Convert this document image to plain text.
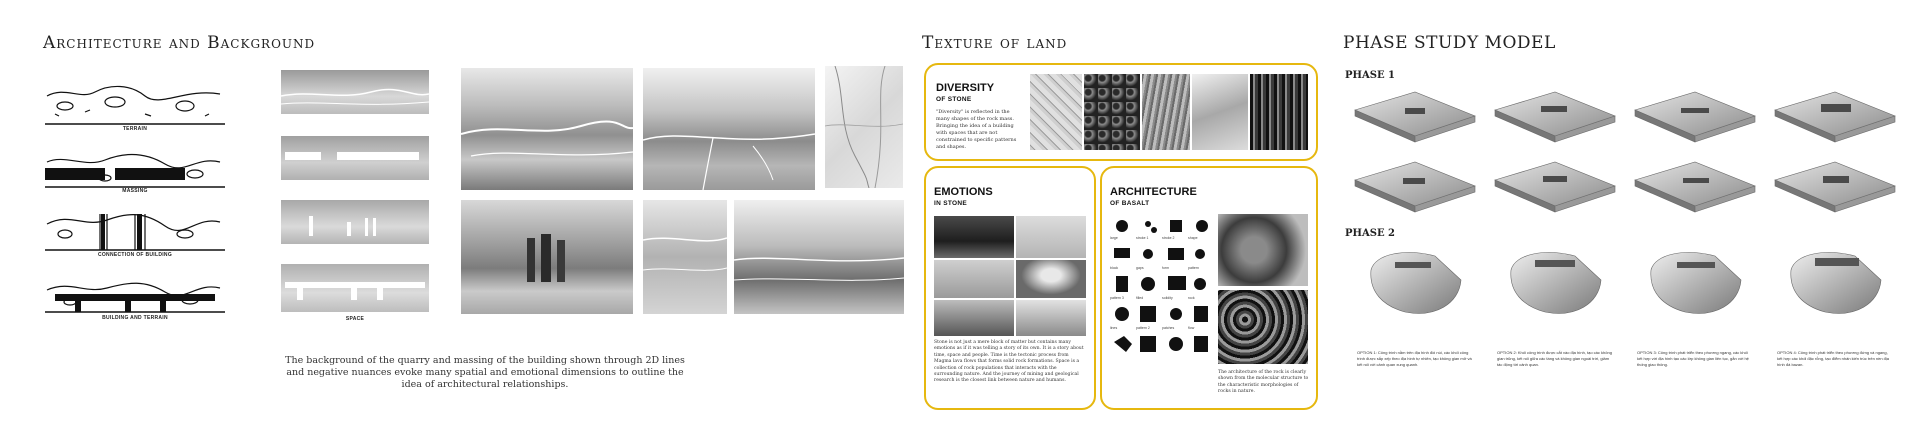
Architecture and Background
TERRAIN
MASSING
CONNECTION OF BUILDING
BUILDING AND TERRAIN	SPACE
The background of the quarry and massing of the building shown through 2D lines and negative nuances evoke many spatial and emotional dimensions to outline the idea of architectural relationships.
Texture of land
DIVERSITY
OF STONE
"Diversity" is reflected in the many shapes of the rock mass. Bringing the idea of a building with spaces that are not constrained to specific patterns and shapes.
EMOTIONS
IN STONE
Stone is not just a mere block of matter but contains many emotions as if it was telling a story of its own. It is a story about time, space and people. Time is the tectonic process from Magma lava flows that forms solid rock formations. Space is a collection of rock populations that interacts with the surrounding nature. And the journey of mining and geological research is the closest link between nature and humans.
ARCHITECTURE
OF BASALT
large	stroke 1	stroke 2	shape
block	gaps	form	pattern
pattern 3	filled	solidity	rock
lines	pattern 2	patches	flow
The architecture of the rock is clearly shown from the molecular structure to the characteristic morphologies of rocks in nature.
PHASE STUDY MODEL
PHASE 1
PHASE 2
OPTION 1: Công trình nằm trên địa hình đồi núi, các khối công trình được sắp xếp theo địa hình tự nhiên, tạo không gian mở và kết nối với cảnh quan xung quanh.
OPTION 2: Khối công trình được cắt vào địa hình, tạo các không gian trũng, kết nối giữa các tầng và không gian ngoài trời, giảm tác động tới cảnh quan.
OPTION 3: Công trình phát triển theo phương ngang, các khối kết hợp với địa hình tạo các lớp không gian liên tục, gắn với hệ thống giao thông.
OPTION 4: Công trình phát triển theo phương đứng và ngang, kết hợp các khối đặc rỗng, tạo điểm nhấn kiến trúc trên nền địa hình đá bazan.
